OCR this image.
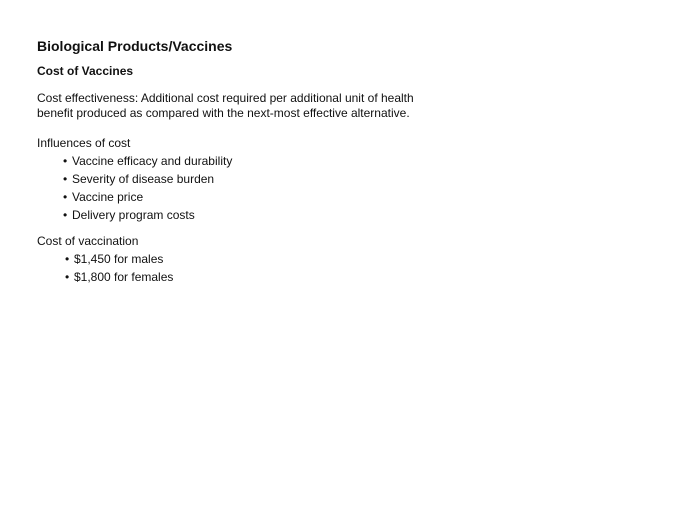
Biological Products/Vaccines
Cost of Vaccines

Cost effectiveness: Additional cost required per additional unit of health
benefit produced as compared with the next-most effective alternative.

Influences of cost
• Vaccine efficacy and durability
• Severity of disease burden
• Vaccine price
• Delivery program costs
Cost of vaccination
• $1,450 for males
• $1,800 for females
